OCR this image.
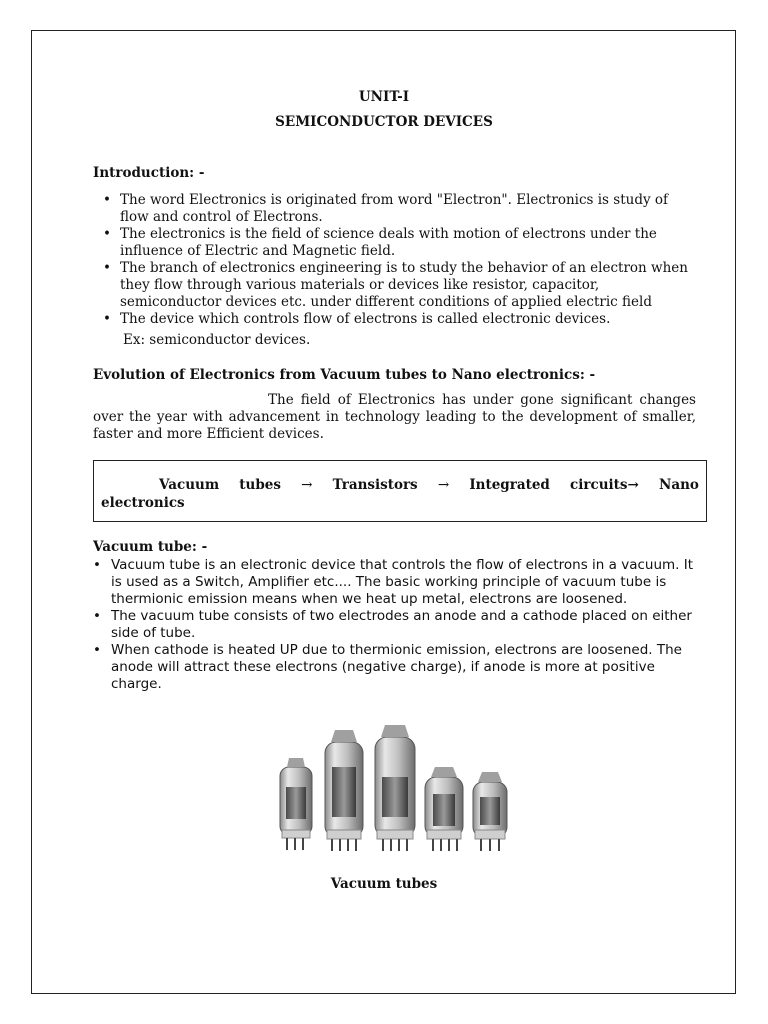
UNIT-I
SEMICONDUCTOR DEVICES
Introduction: -
• The word Electronics is originated from word "Electron". Electronics is study of flow and control of Electrons.
• The electronics is the field of science deals with motion of electrons under the influence of Electric and Magnetic field.
• The branch of electronics engineering is to study the behavior of an electron when they flow through various materials or devices like resistor, capacitor, semiconductor devices etc. under different conditions of applied electric field
• The device which controls flow of electrons is called electronic devices.
Ex: semiconductor devices.
Evolution of Electronics from Vacuum tubes to Nano electronics: -
The field of Electronics has under gone significant changes over the year with advancement in technology leading to the development of smaller, faster and more Efficient devices.
Vacuum tubes → Transistors → Integrated circuits→ Nano
electronics
Vacuum tube: -
• Vacuum tube is an electronic device that controls the flow of electrons in a vacuum. It is used as a Switch, Amplifier etc.... The basic working principle of vacuum tube is thermionic emission means when we heat up metal, electrons are loosened.
• The vacuum tube consists of two electrodes an anode and a cathode placed on either side of tube.
• When cathode is heated UP due to thermionic emission, electrons are loosened. The anode will attract these electrons (negative charge), if anode is more at positive charge.
Vacuum tubes
